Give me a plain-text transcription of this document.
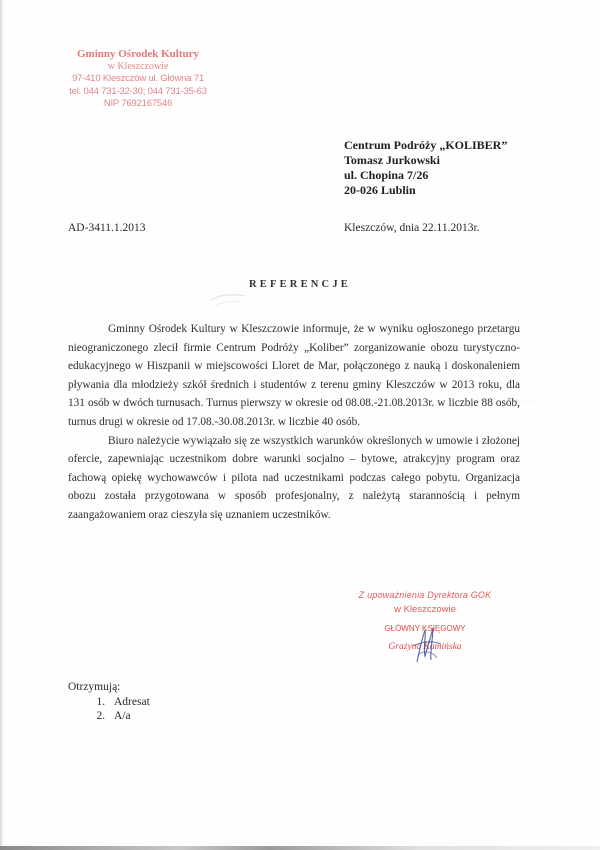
Gminny Ośrodek Kultury
w Kleszczowie
97-410 Kleszczów ul. Główna 71
tel. 044 731-32-30; 044 731-35-63
NIP 7692167546
Centrum Podróży „KOLIBER”
Tomasz Jurkowski
ul. Chopina 7/26
20-026 Lublin
AD-3411.1.2013	Kleszczów, dnia 22.11.2013r.
REFERENCJE

Gminny Ośrodek Kultury w Kleszczowie informuje, że w wyniku ogłoszonego przetargu nieograniczonego zlecił firmie Centrum Podróży „Koliber” zorganizowanie obozu turystyczno-edukacyjnego w Hiszpanii w miejscowości Lloret de Mar, połączonego z nauką i doskonaleniem pływania dla młodzieży szkół średnich i studentów z terenu gminy Kleszczów w 2013 roku, dla 131 osób w dwóch turnusach. Turnus pierwszy w okresie od 08.08.-21.08.2013r. w liczbie 88 osób, turnus drugi w okresie od 17.08.-30.08.2013r. w liczbie 40 osób.

Biuro należycie wywiązało się ze wszystkich warunków określonych w umowie i złożonej ofercie, zapewniając uczestnikom dobre warunki socjalno – bytowe, atrakcyjny program oraz fachową opiekę wychowawców i pilota nad uczestnikami podczas całego pobytu. Organizacja obozu została przygotowana w sposób profesjonalny, z należytą starannością i pełnym zaangażowaniem oraz cieszyła się uznaniem uczestników.

Z upoważnienia Dyrektora GOK
w Kleszczowie
GŁÓWNY KSIĘGOWY
Grażyna Kamińska
Otrzymują:
1. Adresat
2. A/a
